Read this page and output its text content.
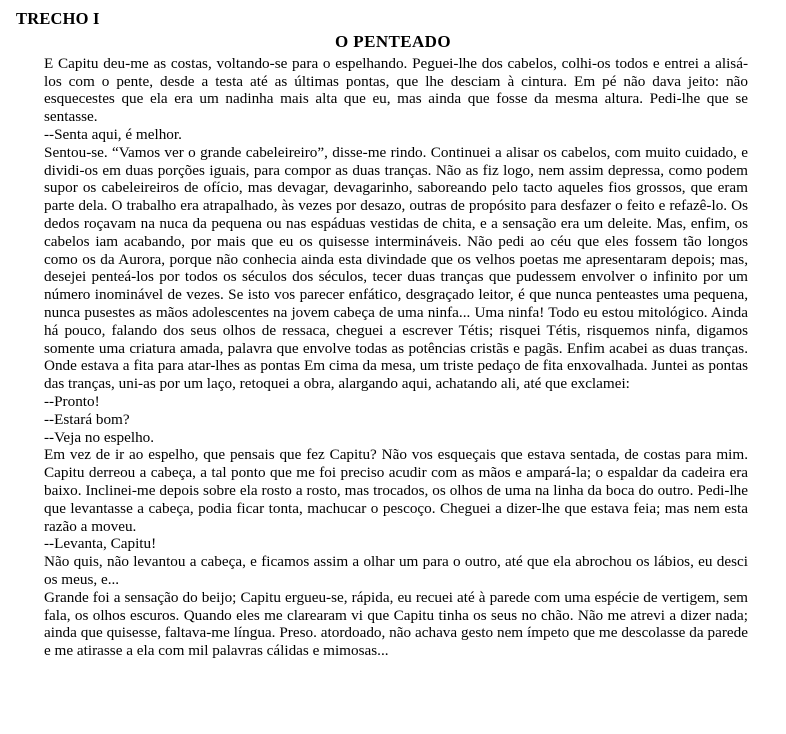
TRECHO I
O PENTEADO

E Capitu deu-me as costas, voltando-se para o espelhando. Peguei-lhe dos cabelos, colhi-os todos e entrei a alisá-los com o pente, desde a testa até as últimas pontas, que lhe desciam à cintura. Em pé não dava jeito: não esquecestes que ela era um nadinha mais alta que eu, mas ainda que fosse da mesma altura. Pedi-lhe que se sentasse.

--Senta aqui, é melhor.

Sentou-se. “Vamos ver o grande cabeleireiro”, disse-me rindo. Continuei a alisar os cabelos, com muito cuidado, e dividi-os em duas porções iguais, para compor as duas tranças. Não as fiz logo, nem assim depressa, como podem supor os cabeleireiros de ofício, mas devagar, devagarinho, saboreando pelo tacto aqueles fios grossos, que eram parte dela. O trabalho era atrapalhado, às vezes por desazo, outras de propósito para desfazer o feito e refazê-lo. Os dedos roçavam na nuca da pequena ou nas espáduas vestidas de chita, e a sensação era um deleite. Mas, enfim, os cabelos iam acabando, por mais que eu os quisesse intermináveis. Não pedi ao céu que eles fossem tão longos como os da Aurora, porque não conhecia ainda esta divindade que os velhos poetas me apresentaram depois; mas, desejei penteá-los por todos os séculos dos séculos, tecer duas tranças que pudessem envolver o infinito por um número inominável de vezes. Se isto vos parecer enfático, desgraçado leitor, é que nunca penteastes uma pequena, nunca pusestes as mãos adolescentes na jovem cabeça de uma ninfa... Uma ninfa! Todo eu estou mitológico. Ainda há pouco, falando dos seus olhos de ressaca, cheguei a escrever Tétis; risquei Tétis, risquemos ninfa, digamos somente uma criatura amada, palavra que envolve todas as potências cristãs e pagãs. Enfim acabei as duas tranças. Onde estava a fita para atar-lhes as pontas Em cima da mesa, um triste pedaço de fita enxovalhada. Juntei as pontas das tranças, uni-as por um laço, retoquei a obra, alargando aqui, achatando ali, até que exclamei:

--Pronto!

--Estará bom?

--Veja no espelho.

Em vez de ir ao espelho, que pensais que fez Capitu? Não vos esqueçais que estava sentada, de costas para mim. Capitu derreou a cabeça, a tal ponto que me foi preciso acudir com as mãos e ampará-la; o espaldar da cadeira era baixo. Inclinei-me depois sobre ela rosto a rosto, mas trocados, os olhos de uma na linha da boca do outro. Pedi-lhe que levantasse a cabeça, podia ficar tonta, machucar o pescoço. Cheguei a dizer-lhe que estava feia; mas nem esta razão a moveu.

--Levanta, Capitu!

Não quis, não levantou a cabeça, e ficamos assim a olhar um para o outro, até que ela abrochou os lábios, eu desci os meus, e...

Grande foi a sensação do beijo; Capitu ergueu-se, rápida, eu recuei até à parede com uma espécie de vertigem, sem fala, os olhos escuros. Quando eles me clarearam vi que Capitu tinha os seus no chão. Não me atrevi a dizer nada; ainda que quisesse, faltava-me língua. Preso. atordoado, não achava gesto nem ímpeto que me descolasse da parede e me atirasse a ela com mil palavras cálidas e mimosas...
